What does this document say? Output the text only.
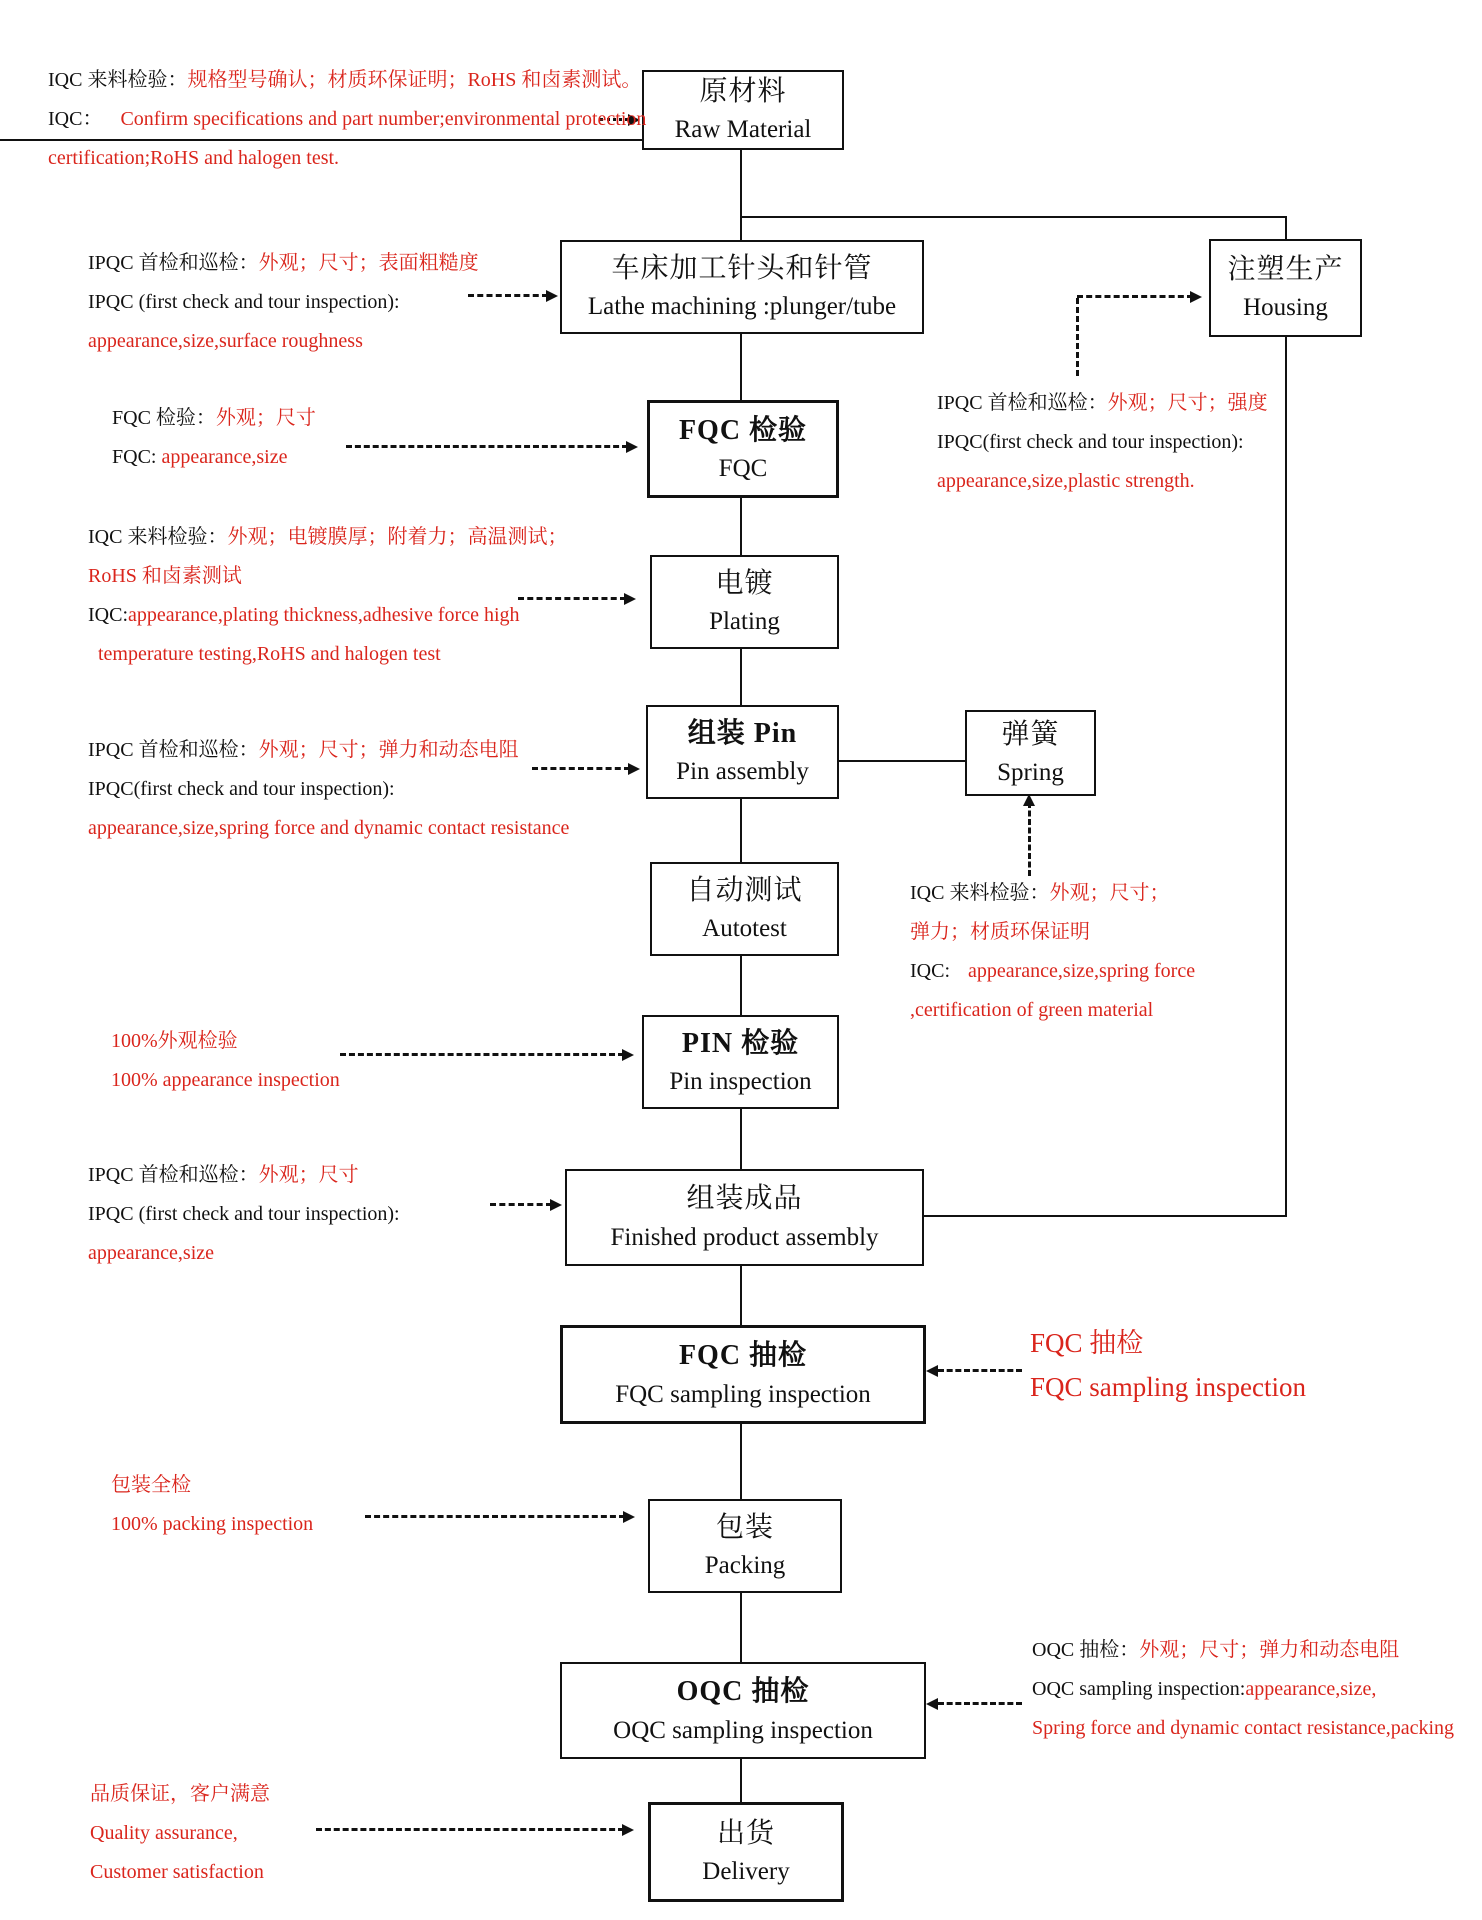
原材料
Raw Material
车床加工针头和针管
Lathe machining :plunger/tube
注塑生产
Housing
FQC 检验
FQC
电镀
Plating
组装 Pin
Pin assembly
弹簧
Spring
自动测试
Autotest
PIN 检验
Pin inspection
组装成品
Finished product assembly
FQC 抽检
FQC sampling inspection
包装
Packing
OQC 抽检
OQC sampling inspection
出货
Delivery
IQC 来料检验：规格型号确认；材质环保证明；RoHS 和卤素测试。
IQC： Confirm specifications and part number;environmental protection
certification;RoHS and halogen test.
IPQC 首检和巡检：外观；尺寸；表面粗糙度
IPQC (first check and tour inspection):
appearance,size,surface roughness
FQC 检验：外观；尺寸
FQC: appearance,size
IQC 来料检验：外观；电镀膜厚；附着力；高温测试；
RoHS 和卤素测试
IQC:appearance,plating thickness,adhesive force high
temperature testing,RoHS and halogen test
IPQC 首检和巡检：外观；尺寸；弹力和动态电阻
IPQC(first check and tour inspection):
appearance,size,spring force and dynamic contact resistance
100%外观检验
100% appearance inspection
IPQC 首检和巡检：外观；尺寸
IPQC (first check and tour inspection):
appearance,size
包装全检
100% packing inspection
品质保证，客户满意
Quality assurance,
Customer satisfaction
IPQC 首检和巡检：外观；尺寸；强度
IPQC(first check and tour inspection):
appearance,size,plastic strength.
IQC 来料检验：外观；尺寸；
弹力；材质环保证明
IQC: appearance,size,spring force
,certification of green material
FQC 抽检
FQC sampling inspection
OQC 抽检：外观；尺寸；弹力和动态电阻
OQC sampling inspection:appearance,size,
Spring force and dynamic contact resistance,packing
